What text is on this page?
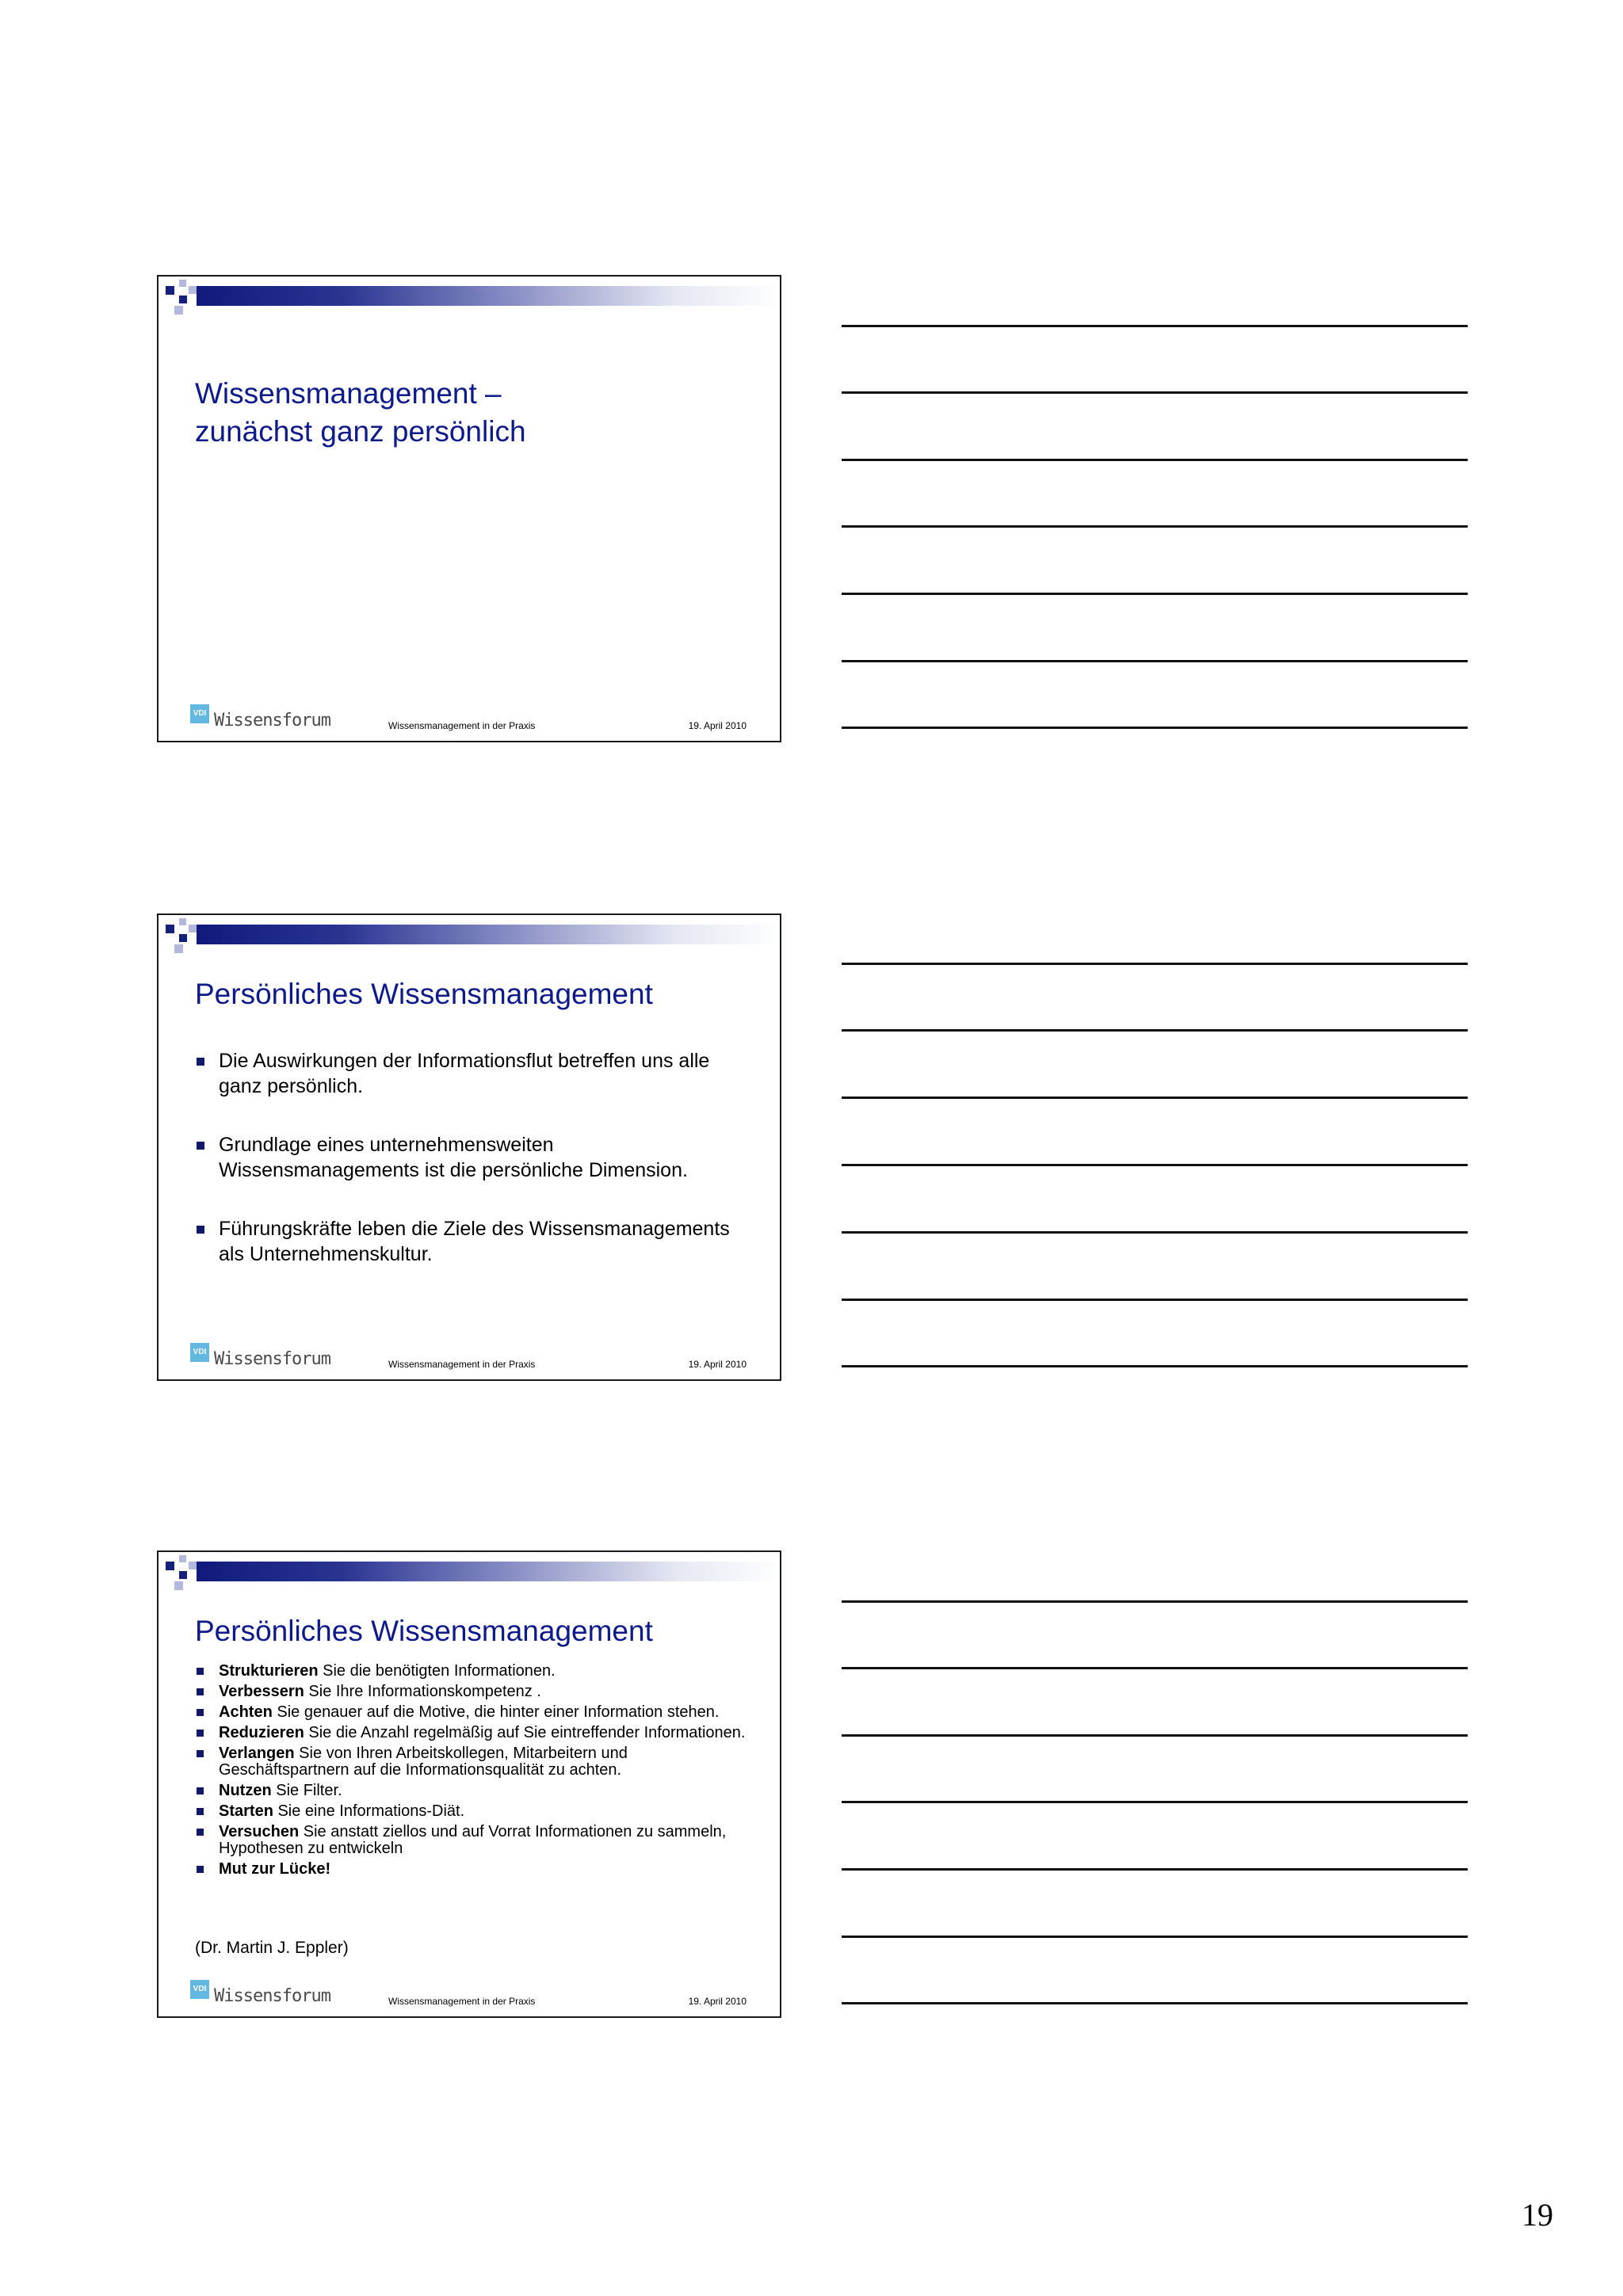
Wissensmanagement –
zunächst ganz persönlich
VDI Wissensforum	Wissensmanagement in der Praxis	19. April 2010
Persönliches Wissensmanagement
Die Auswirkungen der Informationsflut betreffen uns alle ganz persönlich.
Grundlage eines unternehmensweiten Wissensmanagements ist die persönliche Dimension.
Führungskräfte leben die Ziele des Wissensmanagements als Unternehmenskultur.
VDI Wissensforum	Wissensmanagement in der Praxis	19. April 2010
Persönliches Wissensmanagement
Strukturieren Sie die benötigten Informationen.
Verbessern Sie Ihre Informationskompetenz .
Achten Sie genauer auf die Motive, die hinter einer Information stehen.
Reduzieren Sie die Anzahl regelmäßig auf Sie eintreffender Informationen.
Verlangen Sie von Ihren Arbeitskollegen, Mitarbeitern und Geschäftspartnern auf die Informationsqualität zu achten.
Nutzen Sie Filter.
Starten Sie eine Informations-Diät.
Versuchen Sie anstatt ziellos und auf Vorrat Informationen zu sammeln, Hypothesen zu entwickeln
Mut zur Lücke!
(Dr. Martin J. Eppler)
VDI Wissensforum	Wissensmanagement in der Praxis	19. April 2010
19
